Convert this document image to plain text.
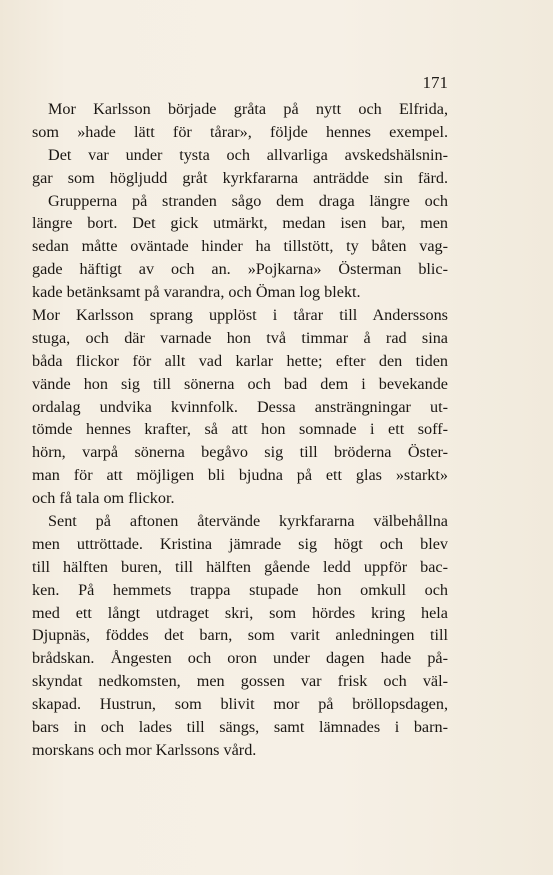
171
Mor Karlsson började gråta på nytt och Elfrida,
som »hade lätt för tårar», följde hennes exempel.
Det var under tysta och allvarliga avskedshälsnin-
gar som högljudd gråt kyrkfararna anträdde sin färd.
Grupperna på stranden sågo dem draga längre och
längre bort. Det gick utmärkt, medan isen bar, men
sedan måtte oväntade hinder ha tillstött, ty båten vag-
gade häftigt av och an. »Pojkarna» Österman blic-
kade betänksamt på varandra, och Öman log blekt.
Mor Karlsson sprang upplöst i tårar till Anderssons
stuga, och där varnade hon två timmar å rad sina
båda flickor för allt vad karlar hette; efter den tiden
vände hon sig till sönerna och bad dem i bevekande
ordalag undvika kvinnfolk. Dessa ansträngningar ut-
tömde hennes krafter, så att hon somnade i ett soff-
hörn, varpå sönerna begåvo sig till bröderna Öster-
man för att möjligen bli bjudna på ett glas »starkt»
och få tala om flickor.
Sent på aftonen återvände kyrkfararna välbehållna
men uttröttade. Kristina jämrade sig högt och blev
till hälften buren, till hälften gående ledd uppför bac-
ken. På hemmets trappa stupade hon omkull och
med ett långt utdraget skri, som hördes kring hela
Djupnäs, föddes det barn, som varit anledningen till
brådskan. Ångesten och oron under dagen hade på-
skyndat nedkomsten, men gossen var frisk och väl-
skapad. Hustrun, som blivit mor på bröllopsdagen,
bars in och lades till sängs, samt lämnades i barn-
morskans och mor Karlssons vård.
